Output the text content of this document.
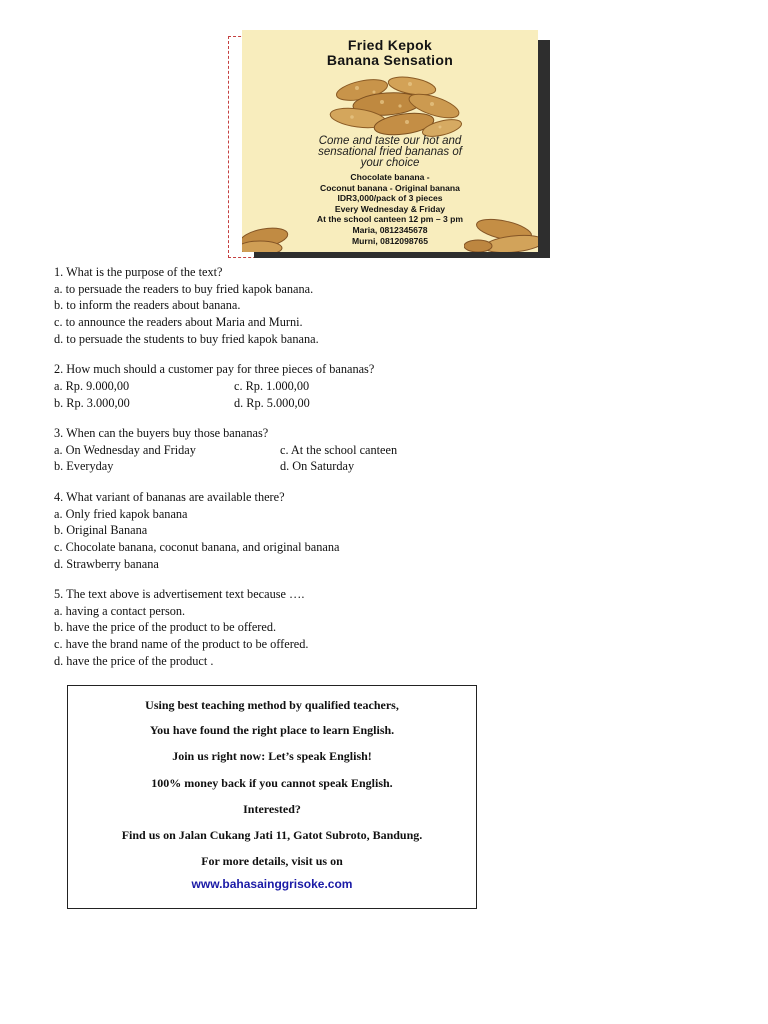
Fried Kepok
Banana Sensation
Come and taste our hot and
sensational fried bananas of
your choice
Chocolate banana -
Coconut banana - Original banana
IDR3,000/pack of 3 pieces
Every Wednesday & Friday
At the school canteen 12 pm – 3 pm
Maria, 0812345678
Murni, 0812098765
1. What is the purpose of the text?
a. to persuade the readers to buy fried kapok banana.
b. to inform the readers about banana.
c. to announce the readers about Maria and Murni.
d. to persuade the students to buy fried kapok banana.
2. How much should a customer pay for three pieces of bananas?
a. Rp. 9.000,00	c. Rp. 1.000,00
b. Rp. 3.000,00	d. Rp. 5.000,00
3. When can the buyers buy those bananas?
a. On Wednesday and Friday	c. At the school canteen
b. Everyday	d. On Saturday
4. What variant of bananas are available there?
a. Only fried kapok banana
b. Original Banana
c. Chocolate banana, coconut banana, and original banana
d. Strawberry banana
5. The text above is advertisement text because ….
a. having a contact person.
b. have the price of the product to be offered.
c. have the brand name of the product to be offered.
d. have the price of the product .
Using best teaching method by qualified teachers,
You have found the right place to learn English.
Join us right now: Let’s speak English!
100% money back if you cannot speak English.
Interested?
Find us on Jalan Cukang Jati 11, Gatot Subroto, Bandung.
For more details, visit us on
www.bahasainggrisoke.com
